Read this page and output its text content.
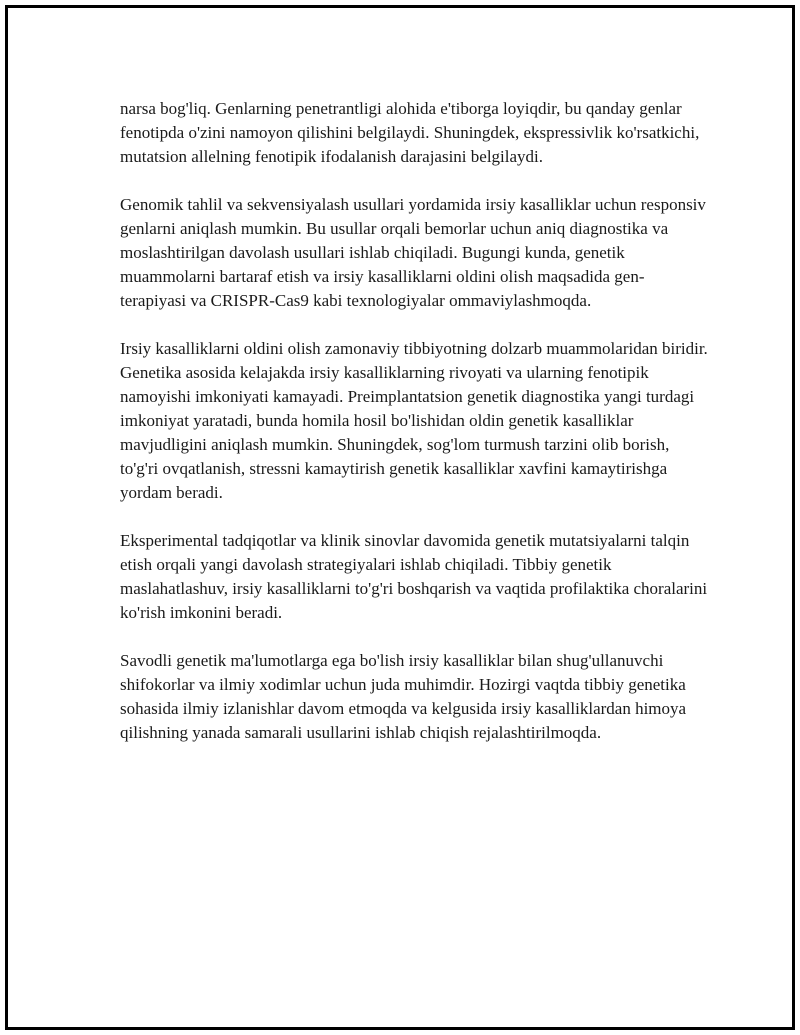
narsa bog'liq. Genlarning penetrantligi alohida e'tiborga loyiqdir, bu qanday genlar fenotipda o'zini namoyon qilishini belgilaydi. Shuningdek, ekspressivlik ko'rsatkichi, mutatsion allelning fenotipik ifodalanish darajasini belgilaydi.

Genomik tahlil va sekvensiyalash usullari yordamida irsiy kasalliklar uchun responsiv genlarni aniqlash mumkin. Bu usullar orqali bemorlar uchun aniq diagnostika va moslashtirilgan davolash usullari ishlab chiqiladi. Bugungi kunda, genetik muammolarni bartaraf etish va irsiy kasalliklarni oldini olish maqsadida gen-terapiyasi va CRISPR-Cas9 kabi texnologiyalar ommaviylashmoqda.

Irsiy kasalliklarni oldini olish zamonaviy tibbiyotning dolzarb muammolaridan biridir. Genetika asosida kelajakda irsiy kasalliklarning rivoyati va ularning fenotipik namoyishi imkoniyati kamayadi. Preimplantatsion genetik diagnostika yangi turdagi imkoniyat yaratadi, bunda homila hosil bo'lishidan oldin genetik kasalliklar mavjudligini aniqlash mumkin. Shuningdek, sog'lom turmush tarzini olib borish, to'g'ri ovqatlanish, stressni kamaytirish genetik kasalliklar xavfini kamaytirishga yordam beradi.

Eksperimental tadqiqotlar va klinik sinovlar davomida genetik mutatsiyalarni talqin etish orqali yangi davolash strategiyalari ishlab chiqiladi. Tibbiy genetik maslahatlashuv, irsiy kasalliklarni to'g'ri boshqarish va vaqtida profilaktika choralarini ko'rish imkonini beradi.

Savodli genetik ma'lumotlarga ega bo'lish irsiy kasalliklar bilan shug'ullanuvchi shifokorlar va ilmiy xodimlar uchun juda muhimdir. Hozirgi vaqtda tibbiy genetika sohasida ilmiy izlanishlar davom etmoqda va kelgusida irsiy kasalliklardan himoya qilishning yanada samarali usullarini ishlab chiqish rejalashtirilmoqda.
